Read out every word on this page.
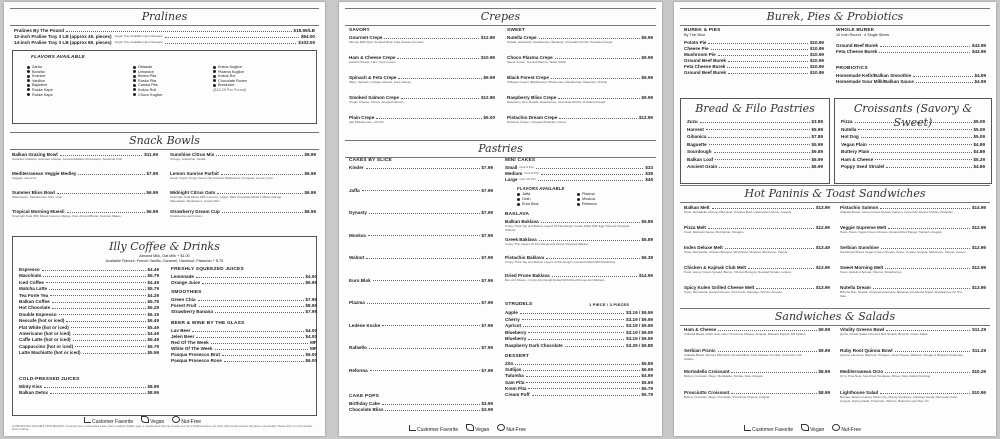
Pralines

Pralines By The Pound	$18.99/LB
12-inch Praline Tray 3 LB (approx 45. pieces) Vegan Tray Available Upon Request	$64.00
14-inch Praline Tray 3 LB (approx 85. pieces) Vegan Tray Available Upon Request	$103.00
FLAVORS AVAILABLE
Zarbo
Bonzita
Kosnice
Vanilice
Bajadere
Ruske Kape
Ruske Kape
Oblande
Urmasice
Becka Pita
Ruska Pita
Carska Pita
Kokos Roli
Choco Kuglice
Kokos Kuglice
Plazma Kuglice
Kokos Rol
Chocolate Rozen
Breskvice
($18.29 Per Pound)

Snack Bowls

Balkan Grazing Bowl	$11.99
Assorted Crackers, Assorted Cheese, Assorted Balkan Charcuterie, Seasonal Fruit
Mediterranean Veggie Medley	$7.99
Veggies, Hummus
Summer Bliss Bowl	$6.99
Watermelon, Strawberries, Mint, Lime
Tropical Morning Muesli	$6.99
Overnight Oats With Mixed Coconut, Mango, Kiwi, Almond Butter, Coconut Flakes
Sunshine Citrus Mix	$8.99
Orange, Grapefruit, Vanilla
Lemon Sunrise Parfait	$6.99
Greek Yogurt, Poppy Seed, Oat Granola, Blueberries, Compote, Lemon Curd
Midnight Citrus Oats	$6.99
Overnight Oats Mixed With Coconut, Yogurt, Dark Chocolate Mixed In Bitter Orange Marmalade, Mandarines, Cacao Nibs
Strawberry Dream Cup	$6.99
Strawberries and Cream

Illy Coffee & Drinks

Almond Milk, Oat Milk + $1.00
Available Flavors: French Vanilla, Caramel, Hazelnut, Pistachio + $.75
Espresso	$4.49
Macchiato	$5.79
Iced Coffee	$4.49
Matcha Latte	$5.79
Tea Forte Tea	$4.29
Balkan Coffee	$5.79
Hot Chocolate	$5.29
Double Espresso	$6.19
Nescafe (hot or iced)	$6.49
Flat White (hot or iced)	$5.49
Americano (hot or iced)	$4.49
Caffe Latte (hot or iced)	$5.49
Cappuccino (hot or iced)	$5.79
Latte Machiatto (hot or iced)	$5.59
FRESHLY SQUEEZED JUICES
Lemonade	$4.50
Orange Juice	$6.99
SMOOTHIES
Green Chia	$7.99
Forest Fruit	$8.99
Strawberry Banana	$7.99
BEER & WINE BY THE GLASS
Lav Beer	$4.00
Jelen Beer	$4.00
Red Of The Week	MP
White Of The Week	MP
Pasqua Prosecco Brut	$6.00
Pasqua Prosecco Rose	$6.00
COLD-PRESSED JUICES
Minty Kiss	$8.99
Balkan Detox	$8.99
Customer Favorite	Vegan	Nut-Free
NUTRITION INFO AVAILABLE UPON REQUEST. Consuming raw or undercooked meats, poultry, seafood, shellfish, eggs, or unpasteurized milk may increase your risk of foodborne illness. Our pastry offers include products with gluten, nuts and dairy. Please inform us of any allergies before ordering.

Crepes

SAVORY	SWEET
Gourmet Crepe	$12.99
Mornay Mild Ajvar, Smoked Beef, Feta Cheese Crumble
Ham & Cheese Crepe	$10.99
Havarti Cheese, Ham, Sour Cream
Spinach & Feta Crepe	$9.99
Mayo, Spinach, Cottage Cheese, Feta Cheese
Smoked Salmon Crepe	$12.99
Cream Cheese, Chives, Smoked Salmon
Plain Crepe	$5.00
add Strawberries + $ 0.50
Nutella Crepe	$9.99
Nutella, Hazelnuts, Strawberries, Bananas, Chocolate Drizzle, Powdered Sugar
Choco Plazma Crepe	$9.99
Sweet Cream, Ground Plazma, Wafer Sticks
Black Forest Crepe	$9.99
Whipped Cream, Blackberries, Blueberries, Raspberries, Raspberry Drizzle
Raspberry Bliss Crepe	$9.99
Raspberry Jam, Nutella, Raspberries, Chocolate Drizzle, Powdered Sugar
Pistachio Dream Crepe	$12.99
Pistachio Cream, Chopped Pistachio, Honey

Pastries

CAKES BY SLICE
Kinder	$7.99
Jaffa	$7.99
Dynasty	$7.99
Moskva	$7.99
Walnut	$7.99
Euro Blok	$7.99
Plazma	$7.99
Ledene Kocke	$7.99
Rafaello	$7.99
Reforma	$7.99
CAKE POPS
Birthday Cake	$3.99
Chocolate Bliss	$3.99
MINI CAKES
Small Cuts 6 Pcs	$33
Medium Cuts 8 Pcs	$38
Large Cuts 10 Pcs	$46
FLAVORS AVAILABLE
Jaffa
Orah
Euro Blok
Plazma
Moskva
Reforma
BAKLAVA
Balkan Baklava	$5.89
Crispy Thick Top and Bottom Layers Of Filo Dough, Center Filled With Egg Yolk and Chopped Walnuts
Greek Baklava	$5.89
Crispy Thin Layers Of Filo Dough and Finely Chopped Walnuts
Pistachio Baklava	$6.39
Crispy Thick Top and Bottom Layers of Filo Dough, Centered Filled With Pistachios
Dried Prune Baklava	$14.99
Box of 8 Pieces - Crispy Filo Dough Rolled With Dried Prunes And Walnuts
STRUDELS	1 PIECE / 3 PIECES
Apple	$3.19 / $9.59
Cherry	$3.19 / $9.59
Apricot	$3.19 / $9.59
Blueberry	$3.19 / $9.59
Blueberry	$3.19 / $9.59
Raspberry Dark Chocolate	$3.29 / $9.88
DESSERT
Zito	$5.89
Sutlijas	$6.99
Tulumba	$4.99
Sam Pita	$5.69
Krem Pita	$5.79
Cream Puff	$5.79
Customer Favorite	Vegan	Nut-Free

Burek, Pies & Probiotics

BUREK & PIES
By The Slice
Potato Pie	$10.99
Cheese Pie	$10.99
Mushroom Pie	$10.99
Ground Beef Burek	$10.99
Feta Cheese Burek	$10.99
Ground Beef Burek	$10.99
WHOLE BUREK
12 Inch Round · 4 Single Slices
Ground Beef Burek	$43.99
Feta Cheese Burek	$43.99
PROBIOTICS
Homemade Kefir/Balkan Smoothie	$4.99
Homemade Sour Milk/Balkan Sauce	$4.99

Bread & Filo Pastries

Zuzu	$3.89
Harvest	$5.99
Gibanica	$7.89
Baguette	$5.99
Sourdough	$9.89
Balkan Loaf	$6.99
Ancient Grain	$6.99

Croissants (Savory & Sweet)

Pizza	$5.09
Nutella	$5.09
Hot Dog	$5.09
Vegan Plain	$4.89
Buttery Plain	$4.89
Ham & Cheese	$5.29
Poppy Seed Strudel	$4.89

Hot Paninis & Toast Sandwiches

Balkan Melt	$13.99
Toast, Mortadella, Mornay Mild Ajvar, Smoked Beef, Caramelized Onion, Arugula
Pizza Melt	$12.99
Toast, Marinara Sauce, Mozzarella, Oregano
Index Deluxe Melt	$13.49
Toast, Mozzarella, Chicken Bologna, Dill Pickles, Mustard, Mushroom, Pepper
Chicken & Kajmak Club Melt	$13.99
Toast, Honey Cream Spread, Bacon, Chicken Bologna, Roasted Tomato, Lettuce
Spicy Kulen Grilled Cheese Melt	$13.99
Toast, Mozzarella, Havarti Cheese, Pork Kulen Sausage, Shrubs, Arugula
Pistachio Salmon	$14.99
Ciabatta Bread, Honey Cream Spread, Salmon, Cucumber Round, Pickles, Pistachio
Veggie Supreme Melt	$12.99
Toast, Pesto, Vegan Cream Cheese, Roasted Red Pepper, Spinach, Arugula
Serbian Sunshine	$12.99
Sourdough Bread, Vegan Cream Cheese, Pesto, Tomato, Arugula, Mushroom, Pepper, Greens
Sweet Morning Melt	$12.99
Toast, Hazelnut Spread, Plazma, Strawberries
Nutella Dream	$13.99
Brioche Bun, Nutella, Chopped Hazelnuts, Bananas, Powdered Sugar, Strawberries On The Side

Sandwiches & Salads

Ham & Cheese	$9.99
Ciabatta Bread, Garlic Aioli, Ham, Provolone Cheese, Arugula, Roasted Pepper, Dill Pickles
Serbian Picnic	$9.99
Ciabatta Bread, Mama's Mild Ajvar, Smoked Beef, Feta Cheese Crumble, Cucumber, Dill Pickles
Mortadella Croissant	$8.99
Buttery Croissant, Mayo, Mortadella, Tomato, Feta, Arugula
Prosciutto Croissant	$8.99
Buttery Croissant, Mayo, Prosciutto, Provolone Cheese, Arugula
Vitality Greens Bowl	$11.29
Herbs, Potato Salad, Pea And Mint Smash, Broccoli, Green Salad
Ruby Root Quinoa Bowl	$11.29
Quinoa, Hummus, Beetroot, Oranges, Goat Cheese, Walnuts, Vinegar & Mustard Vinaigrette
Mediterranean Orzo	$10.29
Orzo, Pine Nuts, Sun-Dried Tomatoes, Olives, Feta, Italian Dressing
Lighthouse Salad	$10.99
Burrata, Sesame Honey Sticks, Fig, Cherry Tomatoes, Caraway Seeds, Parmesan Crisp, Arugula, Spring Salad, Prosciutto, Walnuts, Balsamic and Olive Oil
Customer Favorite	Vegan	Nut-Free
